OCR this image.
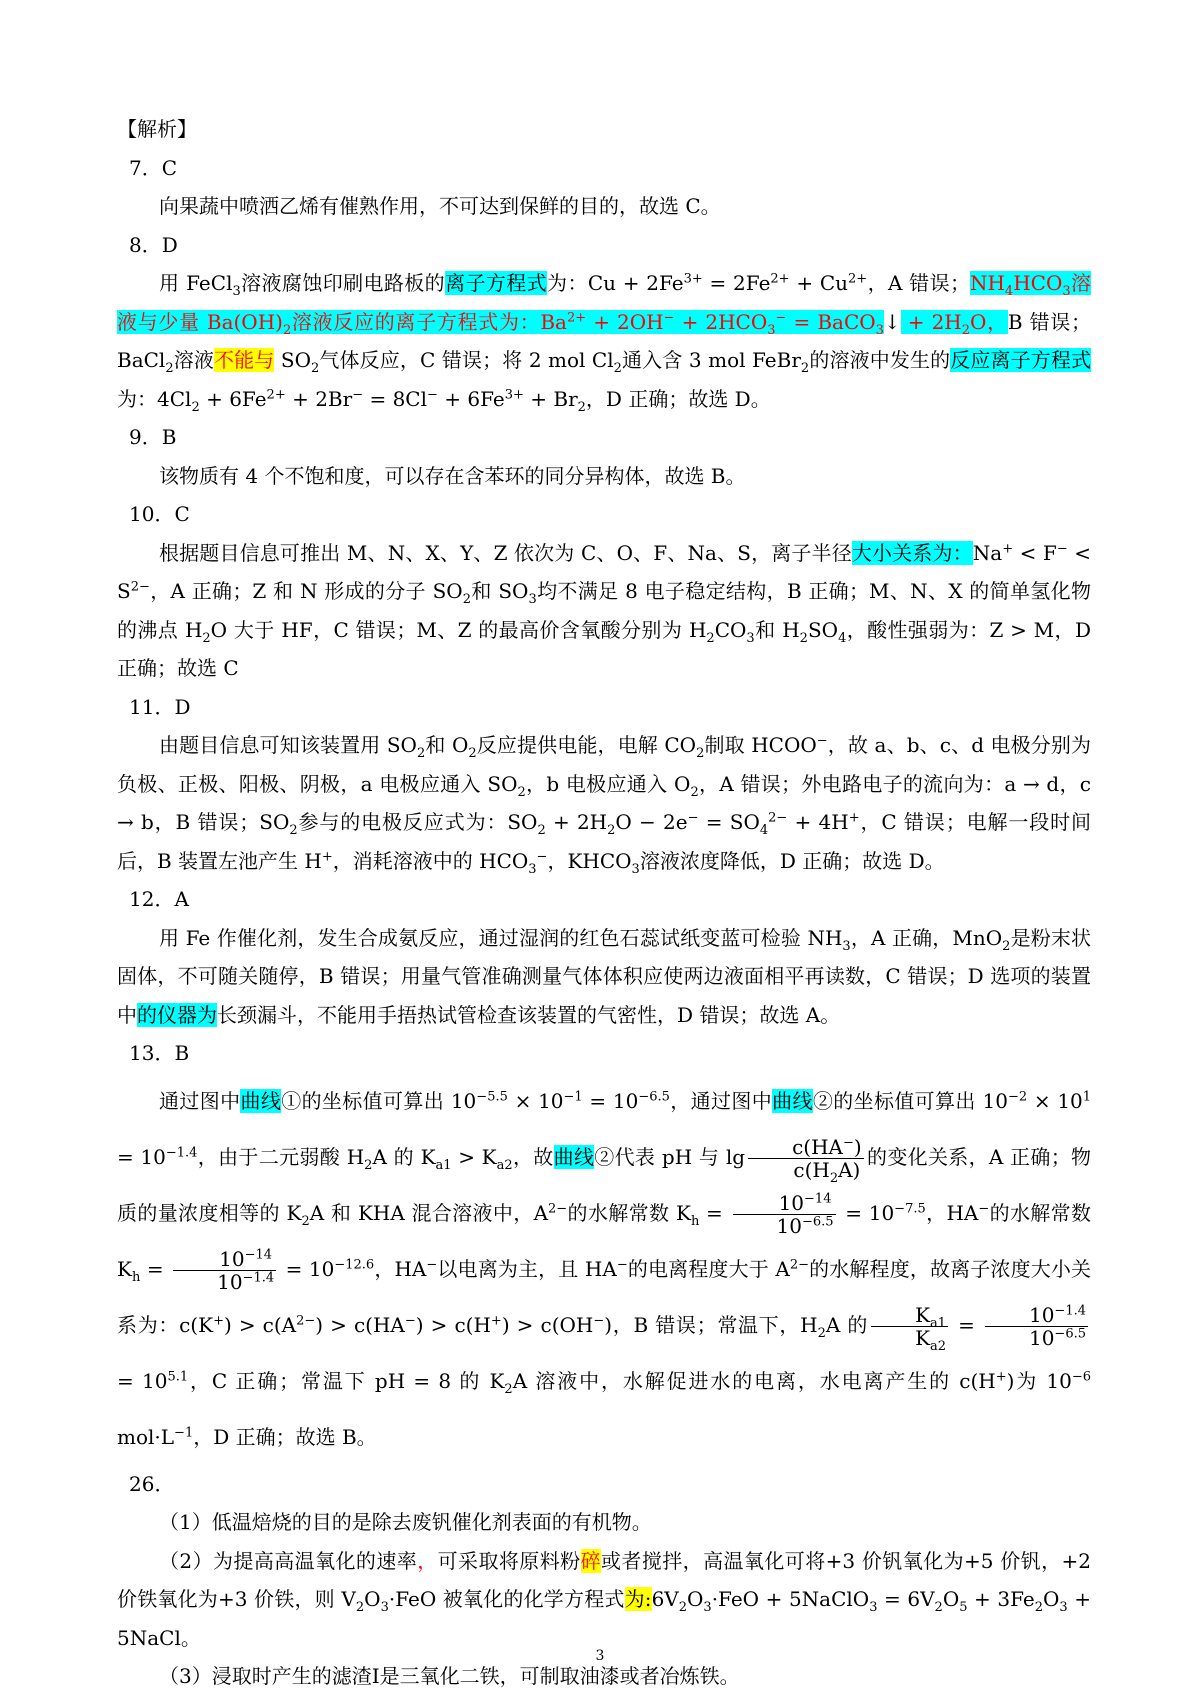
【解析】

7．C

向果蔬中喷洒乙烯有催熟作用，不可达到保鲜的目的，故选 C。

8．D

用 FeCl$_3$溶液腐蚀印刷电路板的离子方程式为：$Cu + 2Fe^{3+} = 2Fe^{2+} + Cu^{2+}$，A 错误；$NH_4HCO_3$溶液与少量 $Ba(OH)_2$溶液反应的离子方程式为：$Ba^{2+} + 2OH^- + 2HCO_3^-$ = BaCO$_3$↓ + $2H_2O$，B 错误；BaCl$_2$溶液不能与 $SO_2$气体反应，C 错误；将 2 mol $Cl_2$通入含 3 mol FeBr$_2$的溶液中发生的反应离子方程式为：$4Cl_2 + 6Fe^{2+} + 2Br^- = 8Cl^- + 6Fe^{3+} + Br_2$，D 正确；故选 D。

9．B

该物质有 4 个不饱和度，可以存在含苯环的同分异构体，故选 B。

10．C

根据题目信息可推出 M、N、X、Y、Z 依次为 C、O、F、Na、S，离子半径大小关系为：$Na^+ < F^- < S^{2-}$，A 正确；Z 和 N 形成的分子 $SO_2$和 $SO_3$均不满足 8 电子稳定结构，B 正确；M、N、X 的简单氢化物的沸点 $H_2O$ 大于 HF，C 错误；M、Z 的最高价含氧酸分别为 $H_2CO_3$和 $H_2SO_4$，酸性强弱为：Z > M，D 正确；故选 C

11．D

由题目信息可知该装置用 $SO_2$和 $O_2$反应提供电能，电解 $CO_2$制取 HCOO−，故 a、b、c、d 电极分别为负极、正极、阳极、阴极，a 电极应通入 $SO_2$，b 电极应通入 $O_2$，A 错误；外电路电子的流向为：a → d，c → b，B 错误；$SO_2$参与的电极反应式为：$SO_2 + 2H_2O - 2e^- = SO_4^{2-} + 4H^+$，C 错误；电解一段时间后，B 装置左池产生 H+，消耗溶液中的 $HCO_3^-$，$KHCO_3$溶液浓度降低，D 正确；故选 D。

12．A

用 Fe 作催化剂，发生合成氨反应，通过湿润的红色石蕊试纸变蓝可检验 $NH_3$，A 正确，MnO$_2$是粉末状固体，不可随关随停，B 错误；用量气管准确测量气体体积应使两边液面相平再读数，C 错误；D 选项的装置中的仪器为长颈漏斗，不能用手捂热试管检查该装置的气密性，D 错误；故选 A。

13．B

通过图中曲线①的坐标值可算出 $10^{-5.5} \times 10^{-1} = 10^{-6.5}$，通过图中曲线②的坐标值可算出 $10^{-2} \times 10^1 = 10^{-1.4}$，由于二元弱酸 $H_2A$ 的 $K_{a1} > K_{a2}$，故曲线②代表 pH 与 $\lg \frac{c(HA^-)}{c(H_2A)}$ 的变化关系，A 正确；物质的量浓度相等的 $K_2A$ 和 KHA 混合溶液中，$A^{2-}$的水解常数 $K_h = \frac{10^{-14}}{10^{-6.5}} = 10^{-7.5}$，HA−的水解常数 $K_h = \frac{10^{-14}}{10^{-1.4}} = 10^{-12.6}$，HA−以电离为主，且 HA−的电离程度大于 $A^{2-}$的水解程度，故离子浓度大小关系为：$c(K^+) > c(A^{2-}) > c(HA^-) > c(H^+) > c(OH^-)$，B 错误；常温下，$H_2A$ 的 $\frac{K_{a1}}{K_{a2}} = \frac{10^{-1.4}}{10^{-6.5}}$
= $10^{5.1}$，C 正确；常温下 pH = 8 的 $K_2A$ 溶液中，水解促进水的电离，水电离产生的 c(H+)为 $10^{-6}$ $mol\cdot L^{-1}$，D 正确；故选 B。

26．

（1）低温焙烧的目的是除去废钒催化剂表面的有机物。

（2）为提高高温氧化的速率，可采取将原料粉碎或者搅拌，高温氧化可将+3 价钒氧化为+5 价钒，+2 价铁氧化为+3 价铁，则 $V_2O_3\cdot FeO$ 被氧化的化学方程式为$:6V_2O_3\cdot FeO$ + 5NaClO$_3$ = $6V_2O_5 + 3Fe_2O_3$ + 5NaCl。

（3）浸取时产生的滤渣Ⅰ是三氧化二铁，可制取油漆或者冶炼铁。

3
